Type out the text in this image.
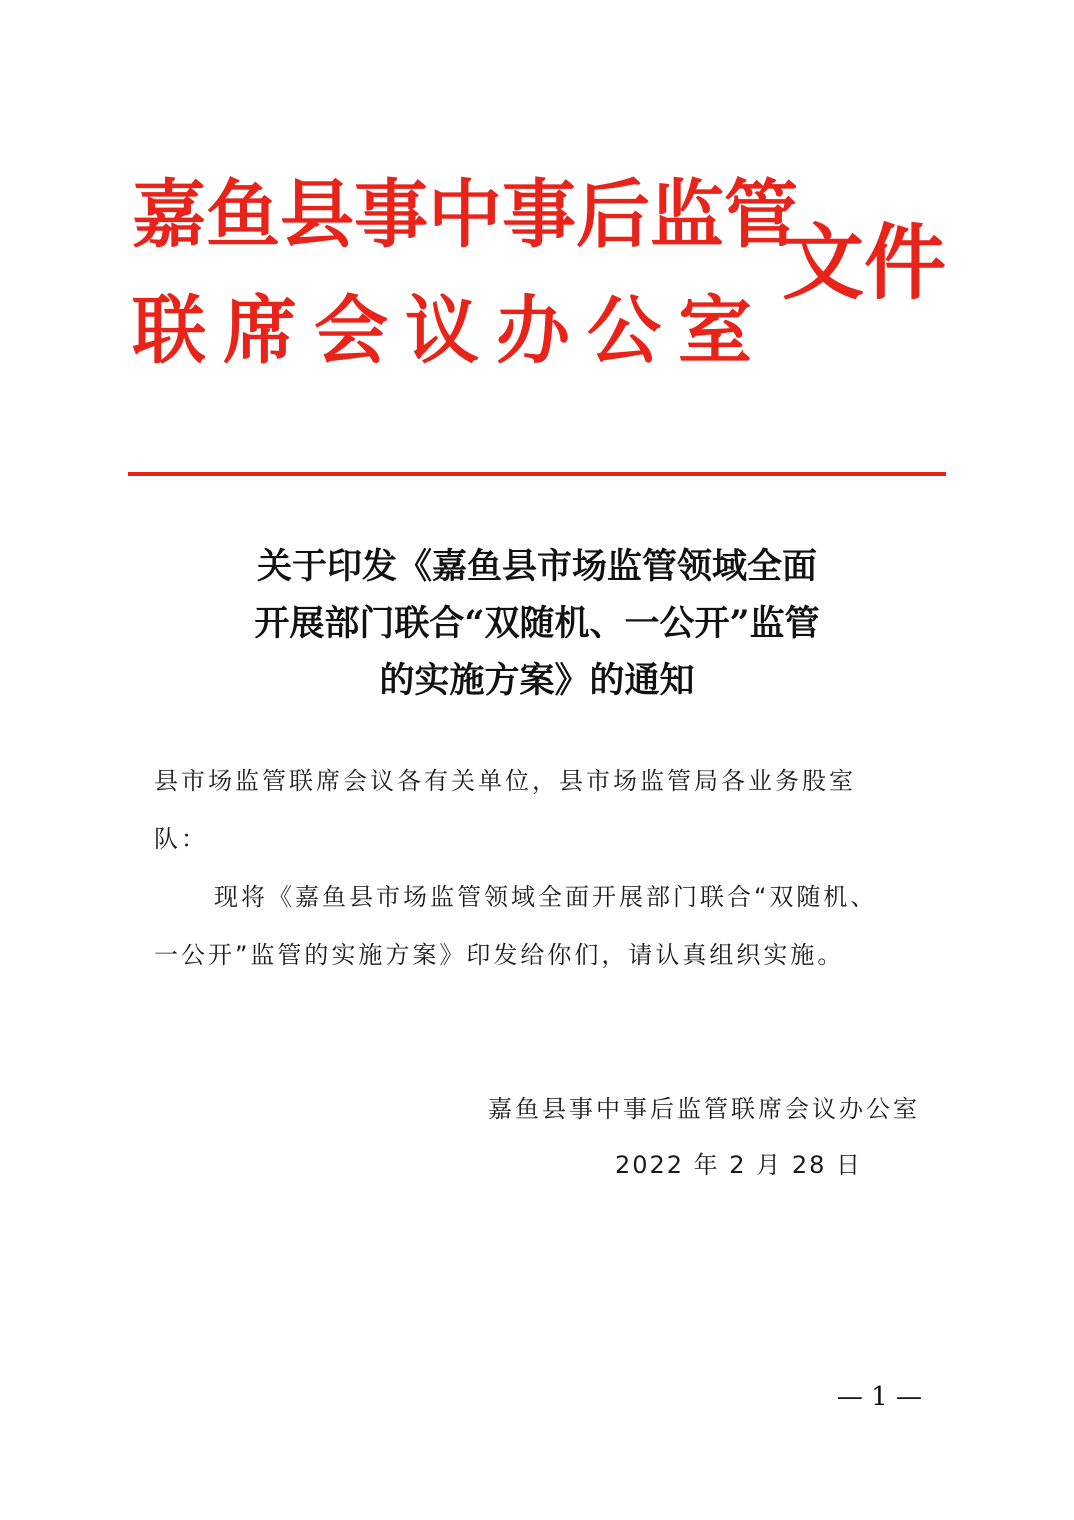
嘉鱼县事中事后监管
联席会议办公室
文件
关于印发《嘉鱼县市场监管领域全面
开展部门联合“双随机、一公开”监管
的实施方案》的通知
县市场监管联席会议各有关单位，县市场监管局各业务股室
队：
现将《嘉鱼县市场监管领域全面开展部门联合“双随机、
一公开”监管的实施方案》印发给你们，请认真组织实施。
嘉鱼县事中事后监管联席会议办公室
2022 年 2 月 28 日
— 1 —
